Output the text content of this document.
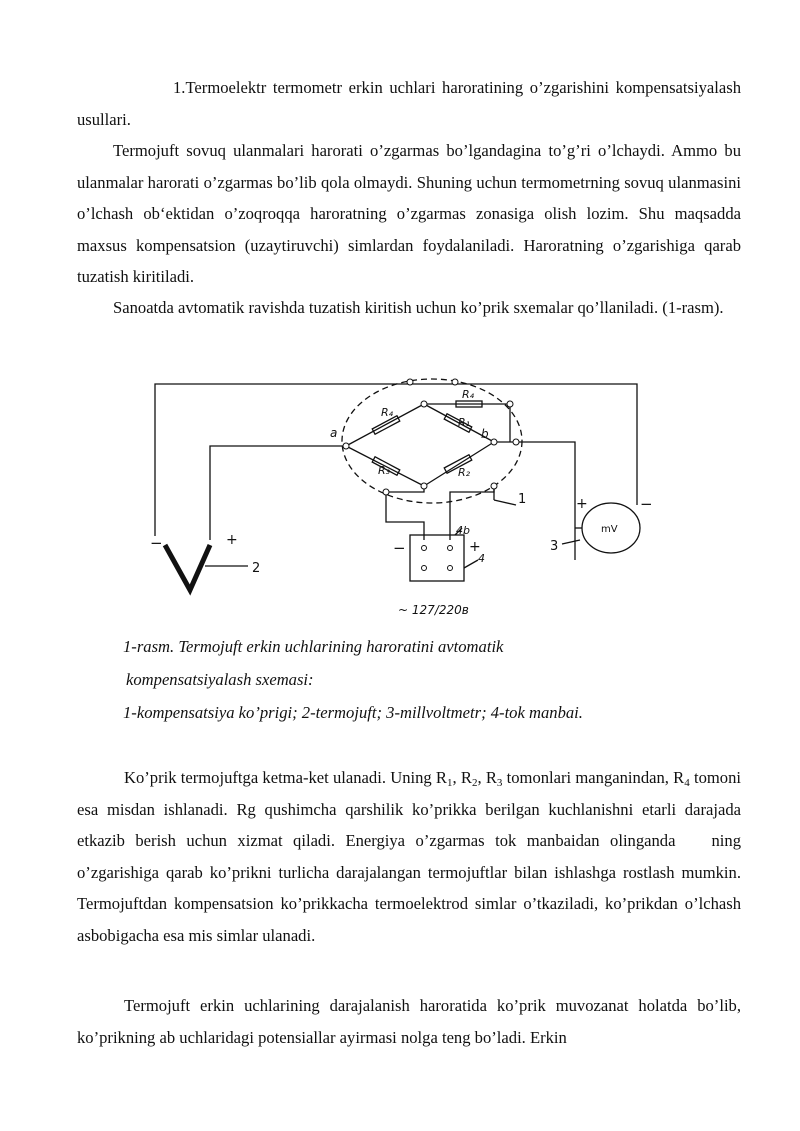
1.Termoelektr termometr erkin uchlari haroratining o’zgarishini kompensatsiyalash usullari.

Termojuft sovuq ulanmalari harorati o’zgarmas bo’lgandagina to’g’ri o’lchaydi. Ammo bu ulanmalar harorati o’zgarmas bo’lib qola olmaydi. Shuning uchun termometrning sovuq ulanmasini o’lchash ob‘ektidan o’zoqroqqa haroratning o’zgarmas zonasiga olish lozim. Shu maqsadda maxsus kompensatsion (uzaytiruvchi) simlardan foydalaniladi. Haroratning o’zgarishiga qarab tuzatish kiritiladi.

Sanoatda avtomatik ravishda tuzatish kiritish uchun ko’prik sxemalar qo’llaniladi. (1-rasm).

R₄
R₄
R₁
R₃	R₂
a	b
4b
4
~ 127/220в
1
2
3
mV
−	+	−	+
+	−

1-rasm. Termojuft erkin uchlarining haroratini avtomatik

kompensatsiyalash sxemasi:

1-kompensatsiya ko’prigi; 2-termojuft; 3-millvoltmetr; 4-tok manbai.

Ko’prik termojuftga ketma-ket ulanadi. Uning $R_1$, $R_2$, $R_3$ tomonlari manganindan, $R_4$ tomoni esa misdan ishlanadi. Rg qushimcha qarshilik ko’prikka berilgan kuchlanishni etarli darajada etkazib berish uchun xizmat qiladi. Energiya o’zgarmas tok manbaidan olinganda ning o’zgarishiga qarab ko’prikni turlicha darajalangan termojuftlar bilan ishlashga rostlash mumkin. Termojuftdan kompensatsion ko’prikkacha termoelektrod simlar o’tkaziladi, ko’prikdan o’lchash asbobigacha esa mis simlar ulanadi.

Termojuft erkin uchlarining darajalanish haroratida ko’prik muvozanat holatda bo’lib, ko’prikning ab uchlaridagi potensiallar ayirmasi nolga teng bo’ladi. Erkin
